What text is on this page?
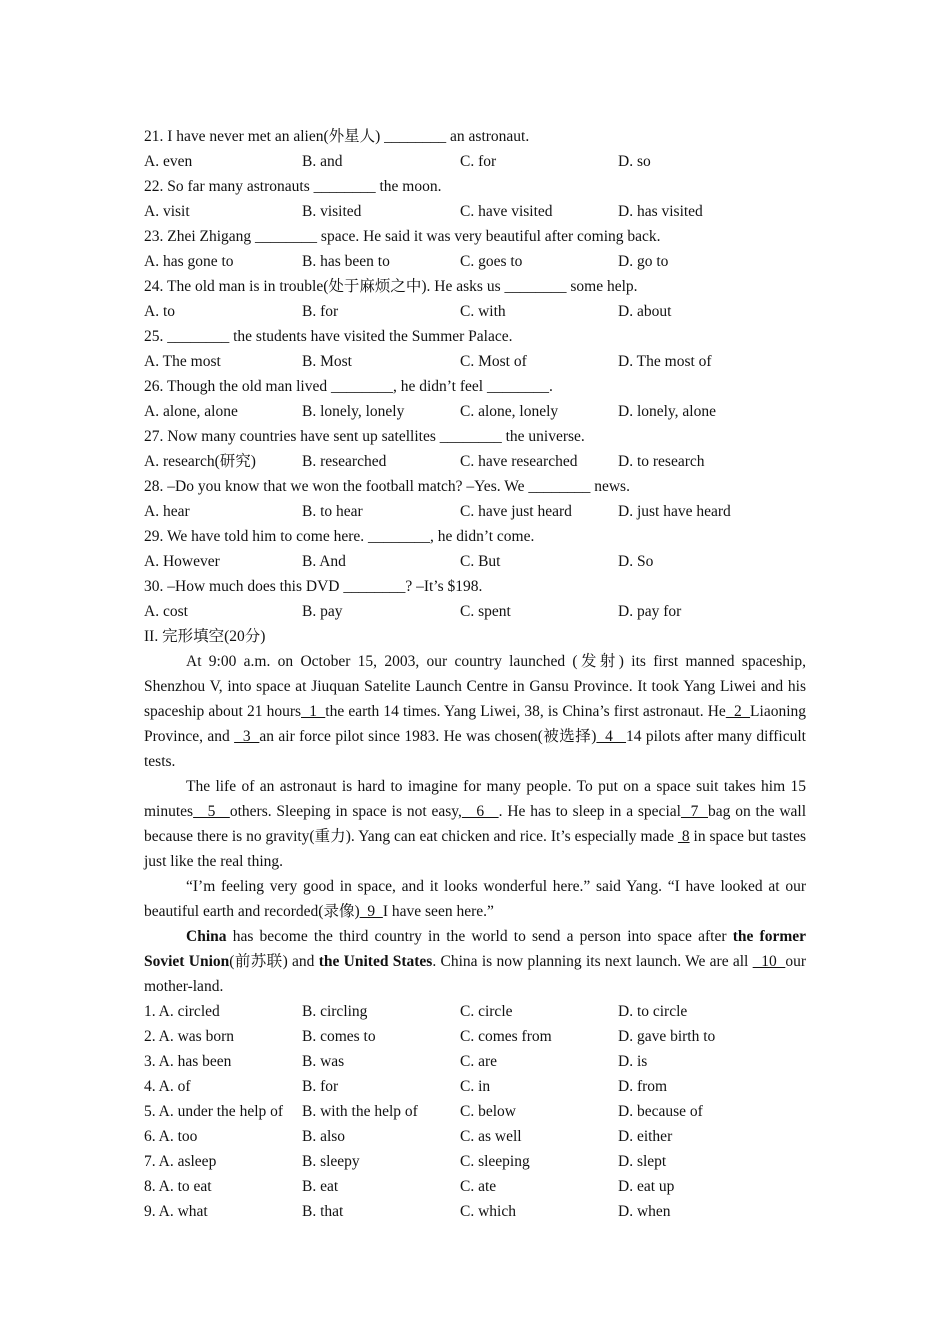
21. I have never met an alien(外星人) ________ an astronaut.
A. even	B. and	C. for	D. so
22. So far many astronauts ________ the moon.
A. visit	B. visited	C. have visited	D. has visited
23. Zhei Zhigang ________ space. He said it was very beautiful after coming back.
A. has gone to	B. has been to	C. goes to	D. go to
24. The old man is in trouble(处于麻烦之中). He asks us ________ some help.
A. to	B. for	C. with	D. about
25. ________ the students have visited the Summer Palace.
A. The most	B. Most	C. Most of	D. The most of
26. Though the old man lived ________, he didn’t feel ________.
A. alone, alone	B. lonely, lonely	C. alone, lonely	D. lonely, alone
27. Now many countries have sent up satellites ________ the universe.
A. research(研究)	B. researched	C. have researched	D. to research
28. –Do you know that we won the football match? –Yes. We ________ news.
A. hear	B. to hear	C. have just heard	D. just have heard
29. We have told him to come here. ________, he didn’t come.
A. However	B. And	C. But	D. So
30. –How much does this DVD ________? –It’s $198.
A. cost	B. pay	C. spent	D. pay for
II. 完形填空(20分)

At 9:00 a.m. on October 15, 2003, our country launched (发射) its first manned spaceship, Shenzhou V, into space at Jiuquan Satelite Launch Centre in Gansu Province. It took Yang Liwei and his spaceship about 21 hours  1  the earth 14 times. Yang Liwei, 38, is China’s first astronaut. He  2  Liaoning Province, and   3  an air force pilot since 1983. He was chosen(被选择)  4   14 pilots after many difficult tests.

The life of an astronaut is hard to imagine for many people. To put on a space suit takes him 15 minutes   5   others. Sleeping in space is not easy,   6   . He has to sleep in a special  7  bag on the wall because there is no gravity(重力). Yang can eat chicken and rice. It’s especially made  8 in space but tastes just like the real thing.

“I’m feeling very good in space, and it looks wonderful here.” said Yang. “I have looked at our beautiful earth and recorded(录像)  9  I have seen here.”

China has become the third country in the world to send a person into space after the former Soviet Union(前苏联) and the United States. China is now planning its next launch. We are all   10  our mother-land.

1. A. circled	B. circling	C. circle	D. to circle
2. A. was born	B. comes to	C. comes from	D. gave birth to
3. A. has been	B. was	C. are	D. is
4. A. of	B. for	C. in	D. from
5. A. under the help of	B. with the help of	C. below	D. because of
6. A. too	B. also	C. as well	D. either
7. A. asleep	B. sleepy	C. sleeping	D. slept
8. A. to eat	B. eat	C. ate	D. eat up
9. A. what	B. that	C. which	D. when
